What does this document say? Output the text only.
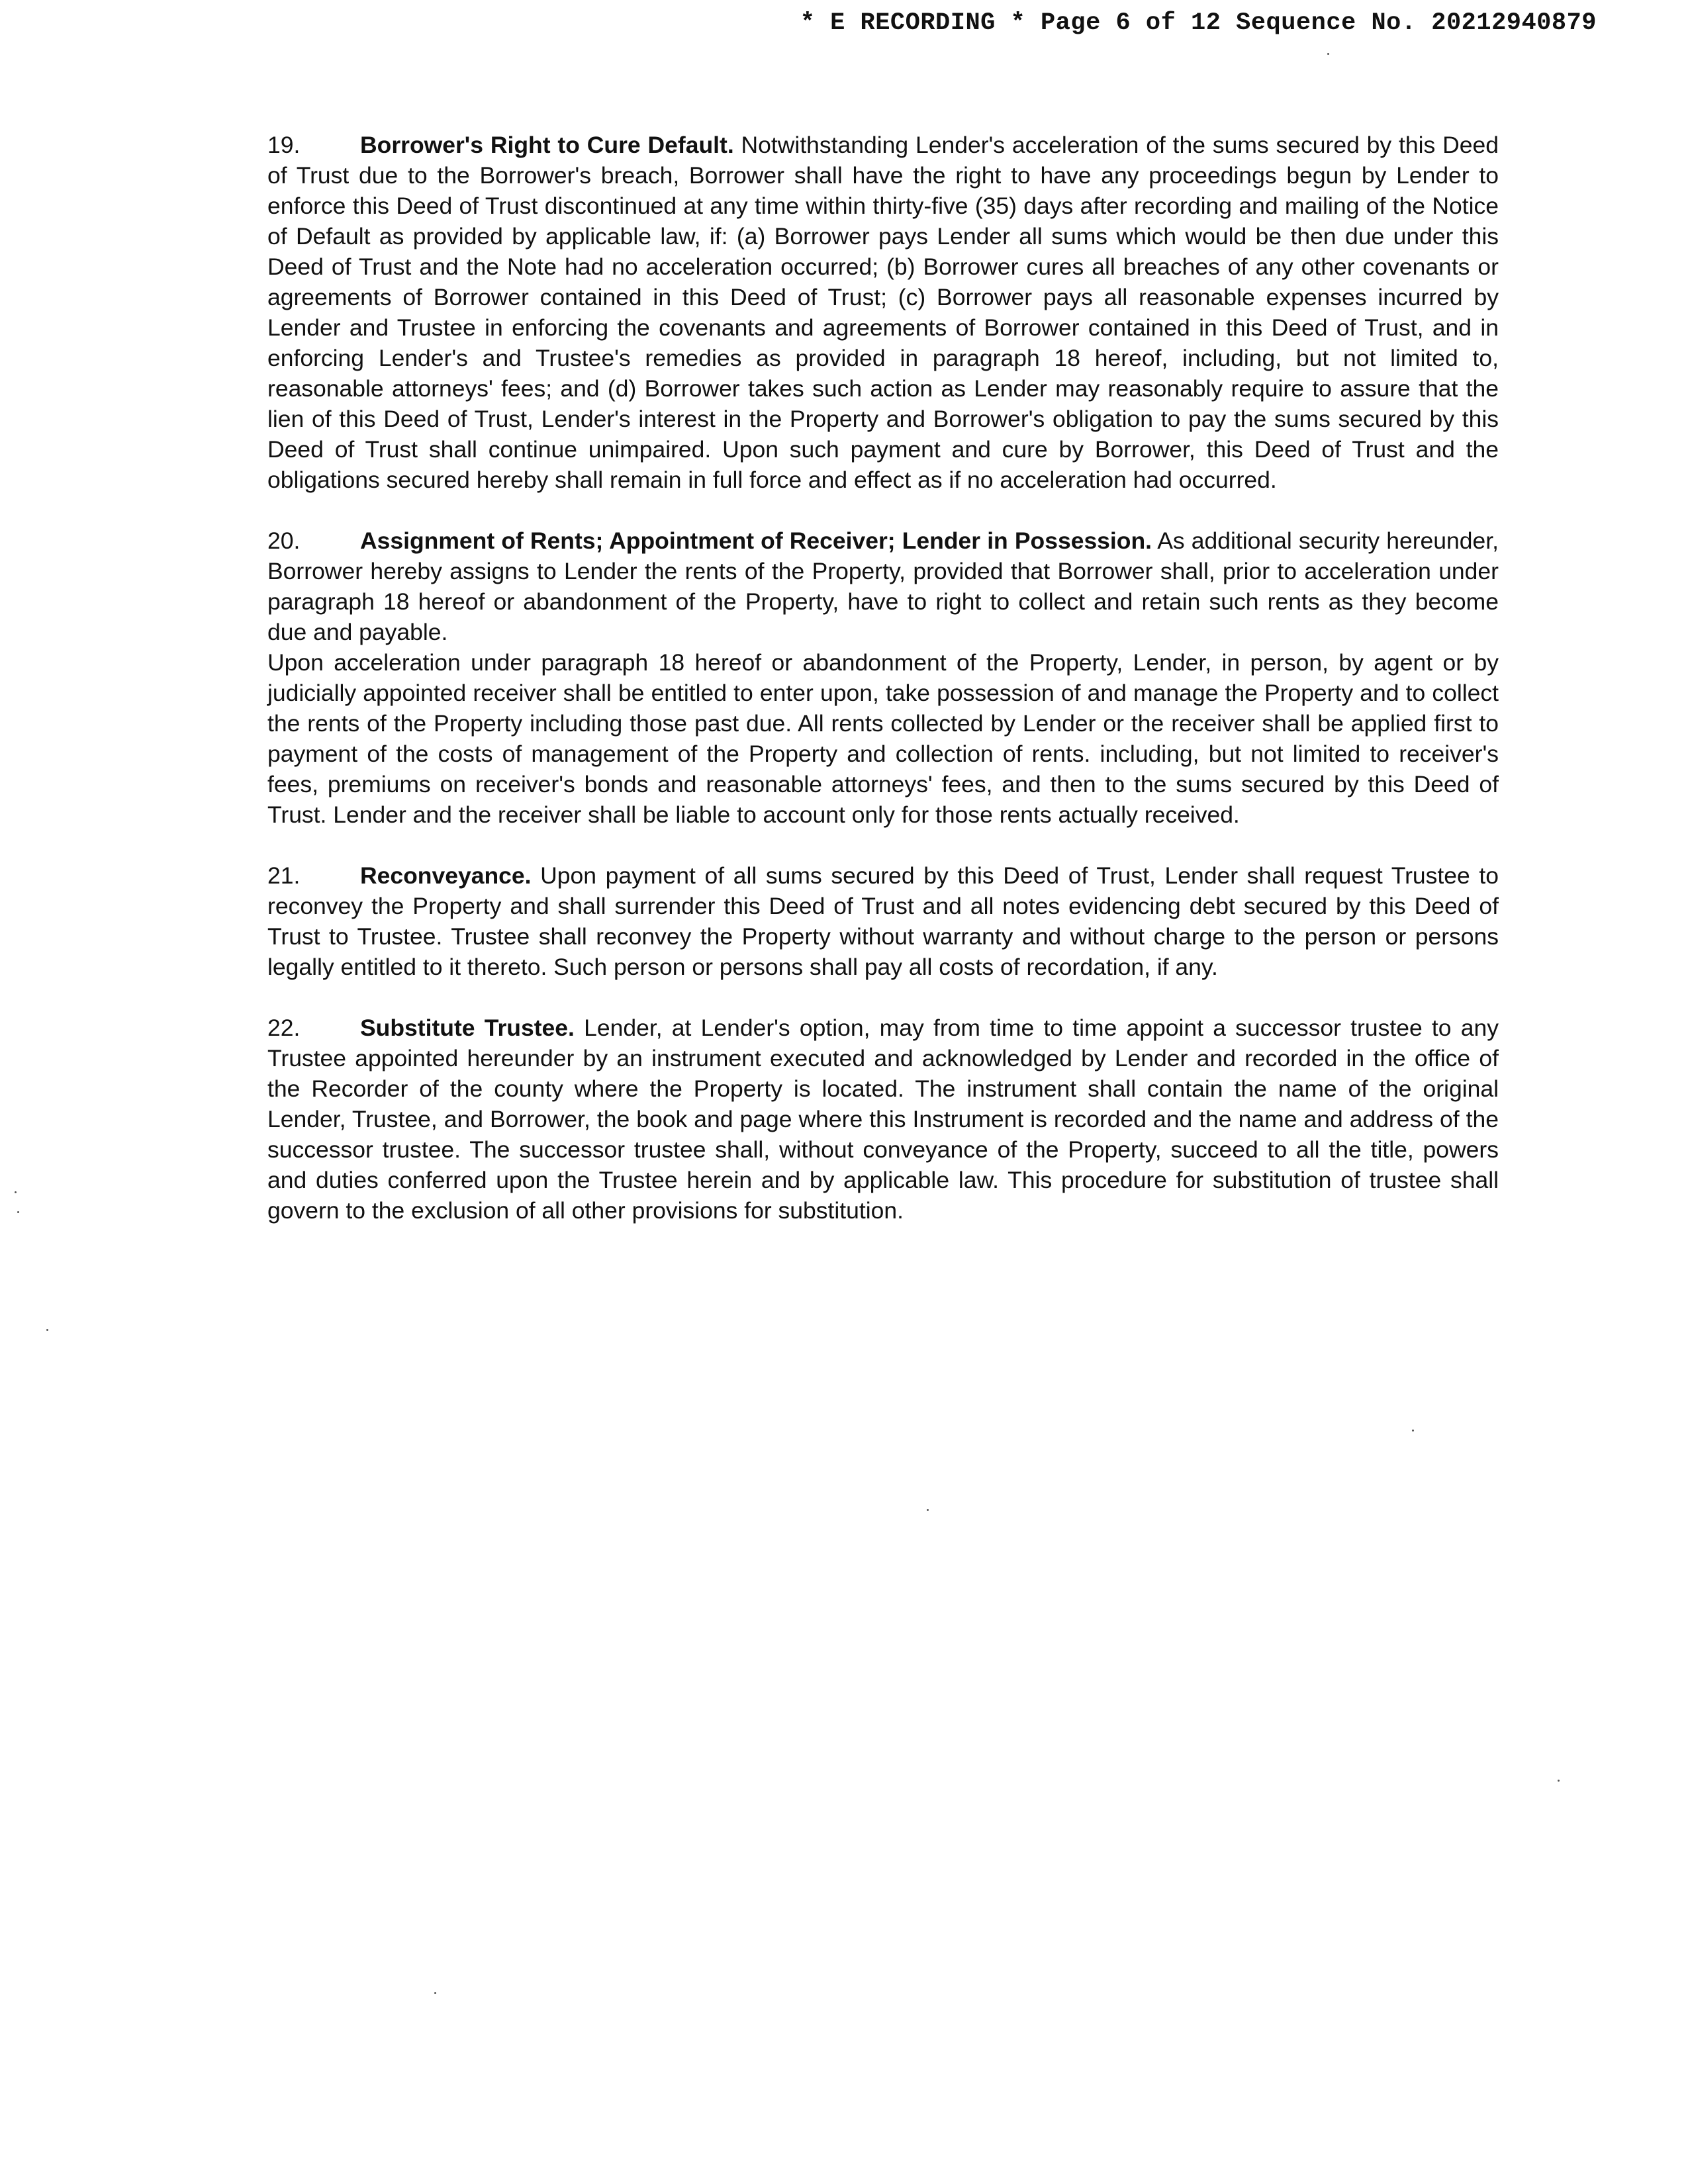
* E RECORDING * Page 6 of 12 Sequence No. 20212940879

19.	Borrower's Right to Cure Default. Notwithstanding Lender's acceleration of the sums secured by this Deed of Trust due to the Borrower's breach, Borrower shall have the right to have any proceedings begun by Lender to enforce this Deed of Trust discontinued at any time within thirty-five (35) days after recording and mailing of the Notice of Default as provided by applicable law, if: (a) Borrower pays Lender all sums which would be then due under this Deed of Trust and the Note had no acceleration occurred; (b) Borrower cures all breaches of any other covenants or agreements of Borrower contained in this Deed of Trust; (c) Borrower pays all reasonable expenses incurred by Lender and Trustee in enforcing the covenants and agreements of Borrower contained in this Deed of Trust, and in enforcing Lender's and Trustee's remedies as provided in paragraph 18 hereof, including, but not limited to, reasonable attorneys' fees; and (d) Borrower takes such action as Lender may reasonably require to assure that the lien of this Deed of Trust, Lender's interest in the Property and Borrower's obligation to pay the sums secured by this Deed of Trust shall continue unimpaired. Upon such payment and cure by Borrower, this Deed of Trust and the obligations secured hereby shall remain in full force and effect as if no acceleration had occurred.

20.	Assignment of Rents; Appointment of Receiver; Lender in Possession. As additional security hereunder, Borrower hereby assigns to Lender the rents of the Property, provided that Borrower shall, prior to acceleration under paragraph 18 hereof or abandonment of the Property, have to right to collect and retain such rents as they become due and payable.

Upon acceleration under paragraph 18 hereof or abandonment of the Property, Lender, in person, by agent or by judicially appointed receiver shall be entitled to enter upon, take possession of and manage the Property and to collect the rents of the Property including those past due. All rents collected by Lender or the receiver shall be applied first to payment of the costs of management of the Property and collection of rents. including, but not limited to receiver's fees, premiums on receiver's bonds and reasonable attorneys' fees, and then to the sums secured by this Deed of Trust. Lender and the receiver shall be liable to account only for those rents actually received.

21.	Reconveyance. Upon payment of all sums secured by this Deed of Trust, Lender shall request Trustee to reconvey the Property and shall surrender this Deed of Trust and all notes evidencing debt secured by this Deed of Trust to Trustee. Trustee shall reconvey the Property without warranty and without charge to the person or persons legally entitled to it thereto. Such person or persons shall pay all costs of recordation, if any.

22.	Substitute Trustee. Lender, at Lender's option, may from time to time appoint a successor trustee to any Trustee appointed hereunder by an instrument executed and acknowledged by Lender and recorded in the office of the Recorder of the county where the Property is located. The instrument shall contain the name of the original Lender, Trustee, and Borrower, the book and page where this Instrument is recorded and the name and address of the successor trustee. The successor trustee shall, without conveyance of the Property, succeed to all the title, powers and duties conferred upon the Trustee herein and by applicable law. This procedure for substitution of trustee shall govern to the exclusion of all other provisions for substitution.
